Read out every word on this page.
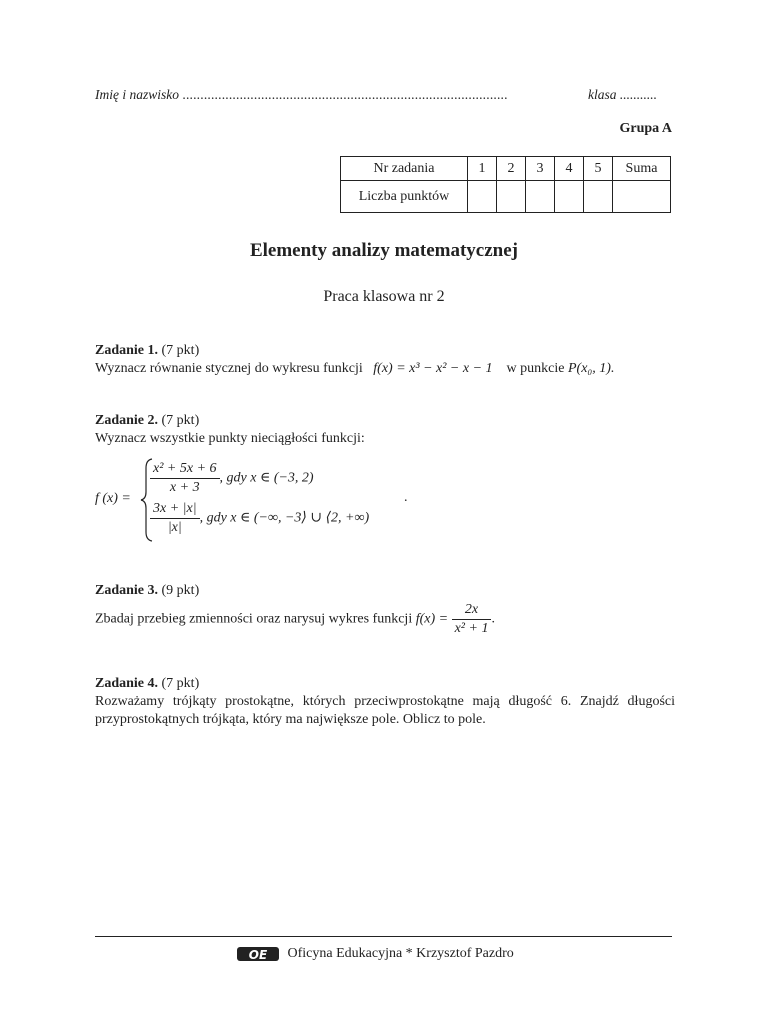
Imię i nazwisko ...........................................................................................	klasa ...........
Grupa A
Nr zadania	1	2	3	4	5	Suma
Liczba punktów						
Elementy analizy matematycznej
Praca klasowa nr 2
Zadanie 1. (7 pkt)
Wyznacz równanie stycznej do wykresu funkcji f(x) = x³ − x² − x − 1 w punkcie P(x₀, 1).
Zadanie 2. (7 pkt)
Wyznacz wszystkie punkty nieciągłości funkcji:
f (x) =
$\frac{\text{x² + 5x + 6}}{x + 3}$ , gdy x ∈ (−3, 2)
$\frac{3x + |x|}{|x|}$ , gdy x ∈ (−∞, −3⟩ ∪ ⟨2, +∞)
.
Zadanie 3. (9 pkt)
Zbadaj przebieg zmienności oraz narysuj wykres funkcji $f(x) = \frac{2x}{\text{x² + 1}}$ .
Zadanie 4. (7 pkt)
Rozważamy trójkąty prostokątne, których przeciwprostokątne mają długość 6. Znajdź długości przyprostokątnych trójkąta, który ma największe pole. Oblicz to pole.
OE Oficyna Edukacyjna * Krzysztof Pazdro
